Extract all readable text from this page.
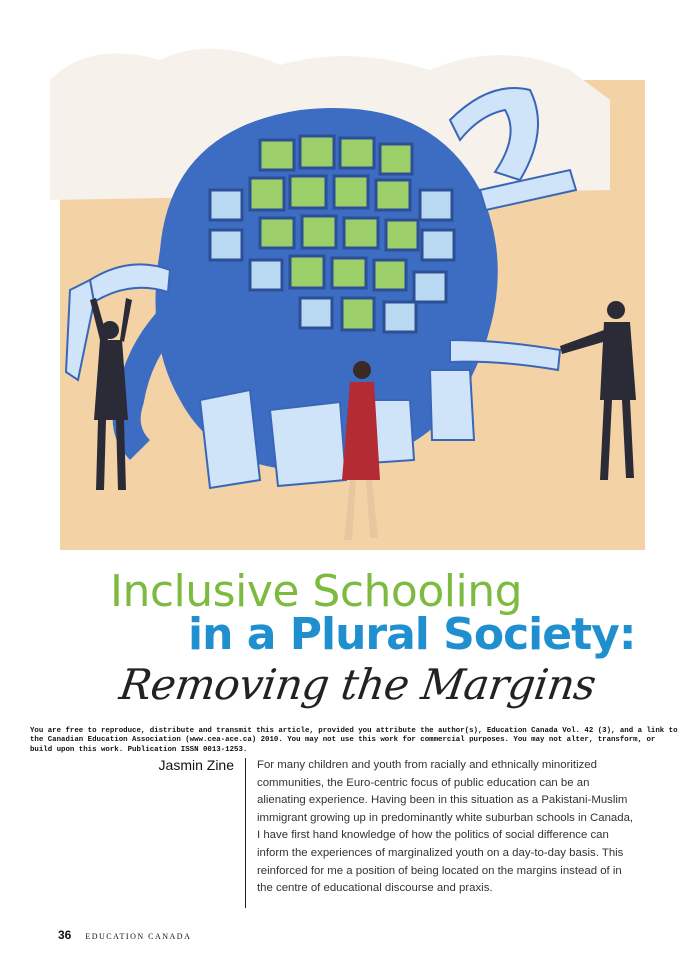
Inclusive Schooling
in a Plural Society:
Removing the Margins
You are free to reproduce, distribute and transmit this article, provided you attribute the author(s), Education Canada Vol. 42 (3), and a link to the Canadian Education Association (www.cea-ace.ca) 2010. You may not use this work for commercial purposes. You may not alter, transform, or build upon this work. Publication ISSN 0013-1253.
Jasmin Zine For many children and youth from racially and ethnically minoritized communities, the Euro-centric focus of public education can be an alienating experience. Having been in this situation as a Pakistani-Muslim immigrant growing up in predominantly white suburban schools in Canada, I have first hand knowledge of how the politics of social difference can inform the experiences of marginalized youth on a day-to-day basis. This reinforced for me a position of being located on the margins instead of in the centre of educational discourse and praxis.

36 EDUCATION CANADA
